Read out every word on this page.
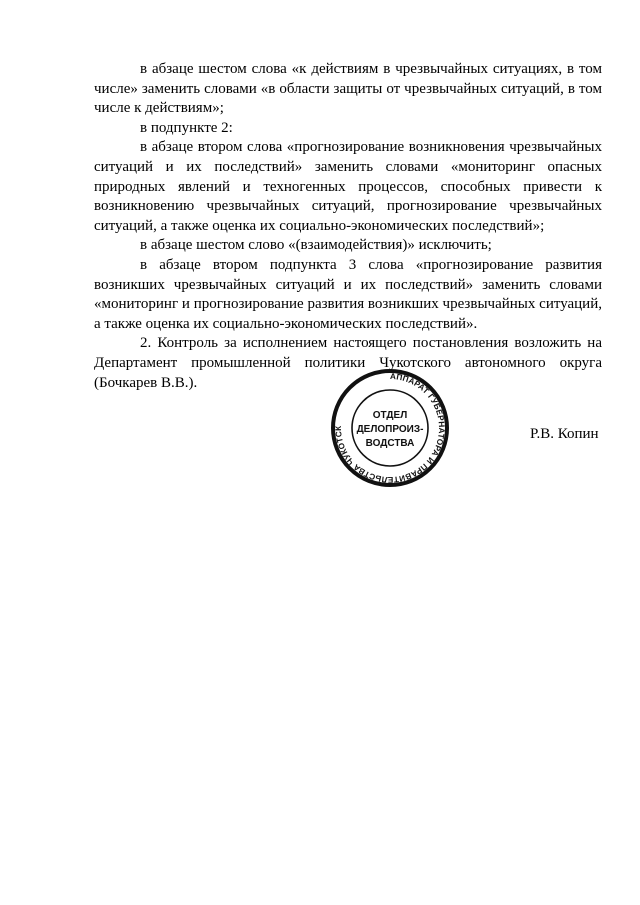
в абзаце шестом слова «к действиям в чрезвычайных ситуациях, в том числе» заменить словами «в области защиты от чрезвычайных ситуаций, в том числе к действиям»;

в подпункте 2:

в абзаце втором слова «прогнозирование возникновения чрезвычайных ситуаций и их последствий» заменить словами «мониторинг опасных природных явлений и техногенных процессов, способных привести к возникновению чрезвычайных ситуаций, прогнозирование чрезвычайных ситуаций, а также оценка их социально-экономических последствий»;

в абзаце шестом слово «(взаимодействия)» исключить;

в абзаце втором подпункта 3 слова «прогнозирование развития возникших чрезвычайных ситуаций и их последствий» заменить словами «мониторинг и прогнозирование развития возникших чрезвычайных ситуаций, а также оценка их социально-экономических последствий».

2. Контроль за исполнением настоящего постановления возложить на Департамент промышленной политики Чукотского автономного округа (Бочкарев В.В.).	АППАРАТ ГУБЕРНАТОРА И ПРАВИТЕЛЬСТВА ЧУКОТСК
ОТДЕЛ
ДЕЛОПРОИЗ-
ВОДСТВА
Р.В. Копин
